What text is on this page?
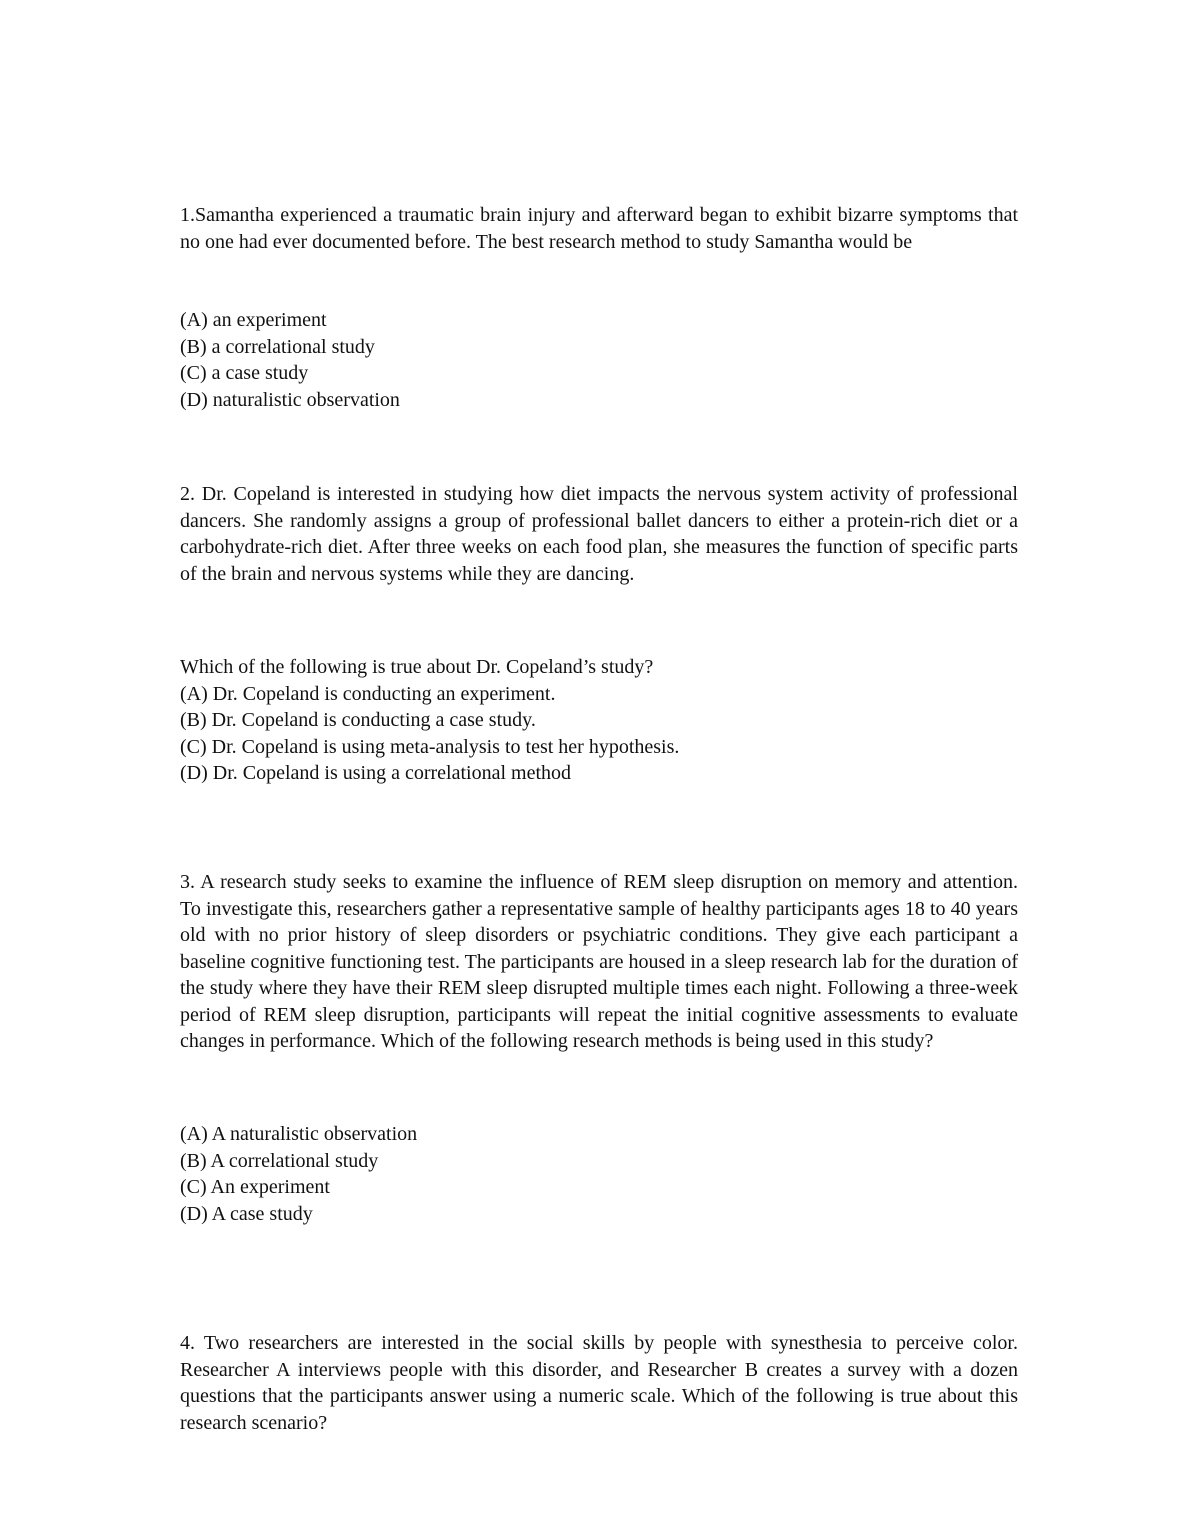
1.Samantha experienced a traumatic brain injury and afterward began to exhibit bizarre symptoms that no one had ever documented before. The best research method to study Samantha would be

(A) an experiment

(B) a correlational study

(C) a case study

(D) naturalistic observation

2. Dr. Copeland is interested in studying how diet impacts the nervous system activity of professional dancers. She randomly assigns a group of professional ballet dancers to either a protein-rich diet or a carbohydrate-rich diet. After three weeks on each food plan, she measures the function of specific parts of the brain and nervous systems while they are dancing.

Which of the following is true about Dr. Copeland’s study?

(A) Dr. Copeland is conducting an experiment.

(B) Dr. Copeland is conducting a case study.

(C) Dr. Copeland is using meta-analysis to test her hypothesis.

(D) Dr. Copeland is using a correlational method

3. A research study seeks to examine the influence of REM sleep disruption on memory and attention. To investigate this, researchers gather a representative sample of healthy participants ages 18 to 40 years old with no prior history of sleep disorders or psychiatric conditions. They give each participant a baseline cognitive functioning test. The participants are housed in a sleep research lab for the duration of the study where they have their REM sleep disrupted multiple times each night. Following a three-week period of REM sleep disruption, participants will repeat the initial cognitive assessments to evaluate changes in performance. Which of the following research methods is being used in this study?

(A) A naturalistic observation

(B) A correlational study

(C) An experiment

(D) A case study

4. Two researchers are interested in the social skills by people with synesthesia to perceive color. Researcher A interviews people with this disorder, and Researcher B creates a survey with a dozen questions that the participants answer using a numeric scale. Which of the following is true about this research scenario?
